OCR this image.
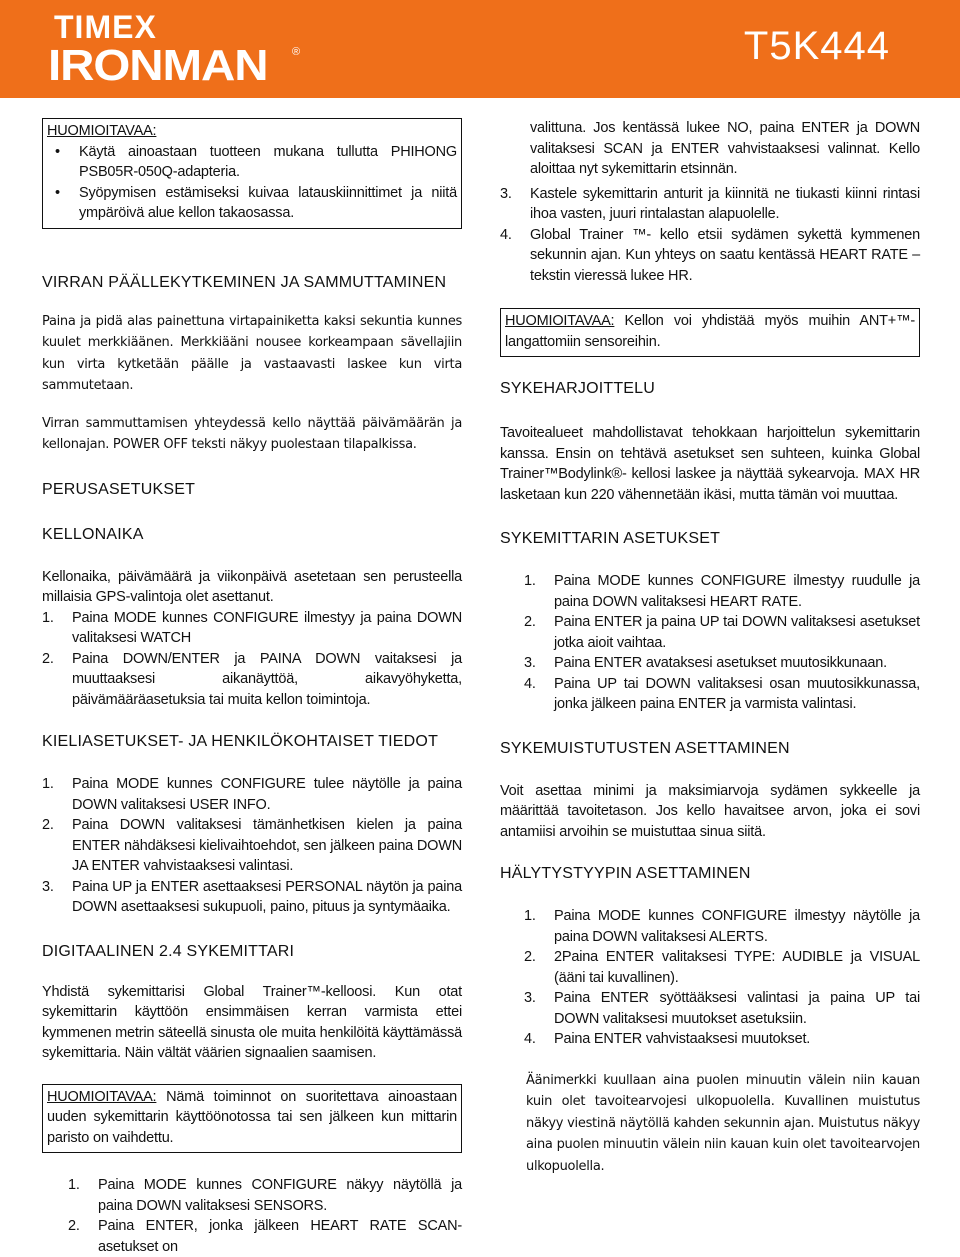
TIMEX
IRONMAN ®	T5K444
HUOMIOITAVAA:
• Käytä ainoastaan tuotteen mukana tullutta PHIHONG PSB05R-050Q-adapteria.
• Syöpymisen estämiseksi kuivaa latauskiinnittimet ja niitä ympäröivä alue kellon takaosassa.
VIRRAN PÄÄLLEKYTKEMINEN JA SAMMUTTAMINEN
Paina ja pidä alas painettuna virtapainiketta kaksi sekuntia kunnes kuulet merkkiäänen. Merkkiääni nousee korkeampaan sävellajiin kun virta kytketään päälle ja vastaavasti laskee kun virta sammutetaan.
Virran sammuttamisen yhteydessä kello näyttää päivämäärän ja kellonajan. POWER OFF teksti näkyy puolestaan tilapalkissa.
PERUSASETUKSET
KELLONAIKA
Kellonaika, päivämäärä ja viikonpäivä asetetaan sen perusteella millaisia GPS-valintoja olet asettanut.
1. Paina MODE kunnes CONFIGURE ilmestyy ja paina DOWN valitaksesi WATCH
2. Paina DOWN/ENTER ja PAINA DOWN vaitaksesi ja muuttaaksesi aikanäyttöä, aikavyöhyketta, päivämääräasetuksia tai muita kellon toimintoja.
KIELIASETUKSET- JA HENKILÖKOHTAISET TIEDOT
1. Paina MODE kunnes CONFIGURE tulee näytölle ja paina DOWN valitaksesi USER INFO.
2. Paina DOWN valitaksesi tämänhetkisen kielen ja paina ENTER nähdäksesi kielivaihtoehdot, sen jälkeen paina DOWN JA ENTER vahvistaaksesi valintasi.
3. Paina UP ja ENTER asettaaksesi PERSONAL näytön ja paina DOWN asettaaksesi sukupuoli, paino, pituus ja syntymäaika.
DIGITAALINEN 2.4 SYKEMITTARI
Yhdistä sykemittarisi Global Trainer™-kelloosi. Kun otat sykemittarin käyttöön ensimmäisen kerran varmista ettei kymmenen metrin säteellä sinusta ole muita henkilöitä käyttämässä sykemittaria. Näin vältät väärien signaalien saamisen.
HUOMIOITAVAA: Nämä toiminnot on suoritettava ainoastaan uuden sykemittarin käyttöönotossa tai sen jälkeen kun mittarin paristo on vaihdettu.
1. Paina MODE kunnes CONFIGURE näkyy näytöllä ja paina DOWN valitaksesi SENSORS.
2. Paina ENTER, jonka jälkeen HEART RATE SCAN- asetukset on
valittuna. Jos kentässä lukee NO, paina ENTER ja DOWN valitaksesi SCAN ja ENTER vahvistaaksesi valinnat. Kello aloittaa nyt sykemittarin etsinnän.
3. Kastele sykemittarin anturit ja kiinnitä ne tiukasti kiinni rintasi ihoa vasten, juuri rintalastan alapuolelle.
4. Global Trainer ™- kello etsii sydämen sykettä kymmenen sekunnin ajan. Kun yhteys on saatu kentässä HEART RATE – tekstin vieressä lukee HR.
HUOMIOITAVAA: Kellon voi yhdistää myös muihin ANT+™- langattomiin sensoreihin.
SYKEHARJOITTELU
Tavoitealueet mahdollistavat tehokkaan harjoittelun sykemittarin kanssa. Ensin on tehtävä asetukset sen suhteen, kuinka Global Trainer™Bodylink®- kellosi laskee ja näyttää sykearvoja. MAX HR lasketaan kun 220 vähennetään ikäsi, mutta tämän voi muuttaa.
SYKEMITTARIN ASETUKSET
1. Paina MODE kunnes CONFIGURE ilmestyy ruudulle ja paina DOWN valitaksesi HEART RATE.
2. Paina ENTER ja paina UP tai DOWN valitaksesi asetukset jotka aioit vaihtaa.
3. Paina ENTER avataksesi asetukset muutosikkunaan.
4. Paina UP tai DOWN valitaksesi osan muutosikkunassa, jonka jälkeen paina ENTER ja varmista valintasi.
SYKEMUISTUTUSTEN ASETTAMINEN
Voit asettaa minimi ja maksimiarvoja sydämen sykkeelle ja määrittää tavoitetason. Jos kello havaitsee arvon, joka ei sovi antamiisi arvoihin se muistuttaa sinua siitä.
HÄLYTYSTYYPIN ASETTAMINEN
1. Paina MODE kunnes CONFIGURE ilmestyy näytölle ja paina DOWN valitaksesi ALERTS.
2. 2Paina ENTER valitaksesi TYPE: AUDIBLE ja VISUAL (ääni tai kuvallinen).
3. Paina ENTER syöttääksesi valintasi ja paina UP tai DOWN valitaksesi muutokset asetuksiin.
4. Paina ENTER vahvistaaksesi muutokset.
Äänimerkki kuullaan aina puolen minuutin välein niin kauan kuin olet tavoitearvojesi ulkopuolella. Kuvallinen muistutus näkyy viestinä näytöllä kahden sekunnin ajan. Muistutus näkyy aina puolen minuutin välein niin kauan kuin olet tavoitearvojen ulkopuolella.
